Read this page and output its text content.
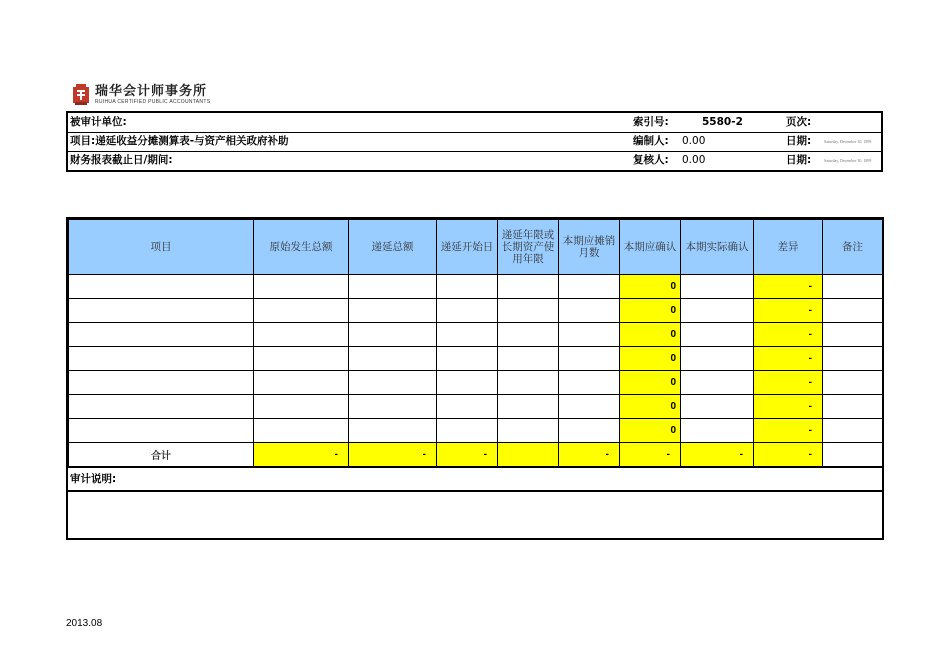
瑞华会计师事务所
RUIHUA CERTIFIED PUBLIC ACCOUNTANTS
被审计单位:	索引号:	5580-2	页次:
项目:递延收益分摊测算表-与资产相关政府补助	编制人: 0.00	日期:	Saturday, December 30, 1899
财务报表截止日/期间:	复核人: 0.00	日期:	Saturday, December 30, 1899
项目	原始发生总额	递延总额	递延开始日	递延年限或长期资产使用年限	本期应摊销月数	本期应确认	本期实际确认	差异	备注
						0		-	
						0		-	
						0		-	
						0		-	
						0		-	
						0		-	
						0		-	
合计	-	-	-		-	-	-	-	
审计说明:
2013.08
